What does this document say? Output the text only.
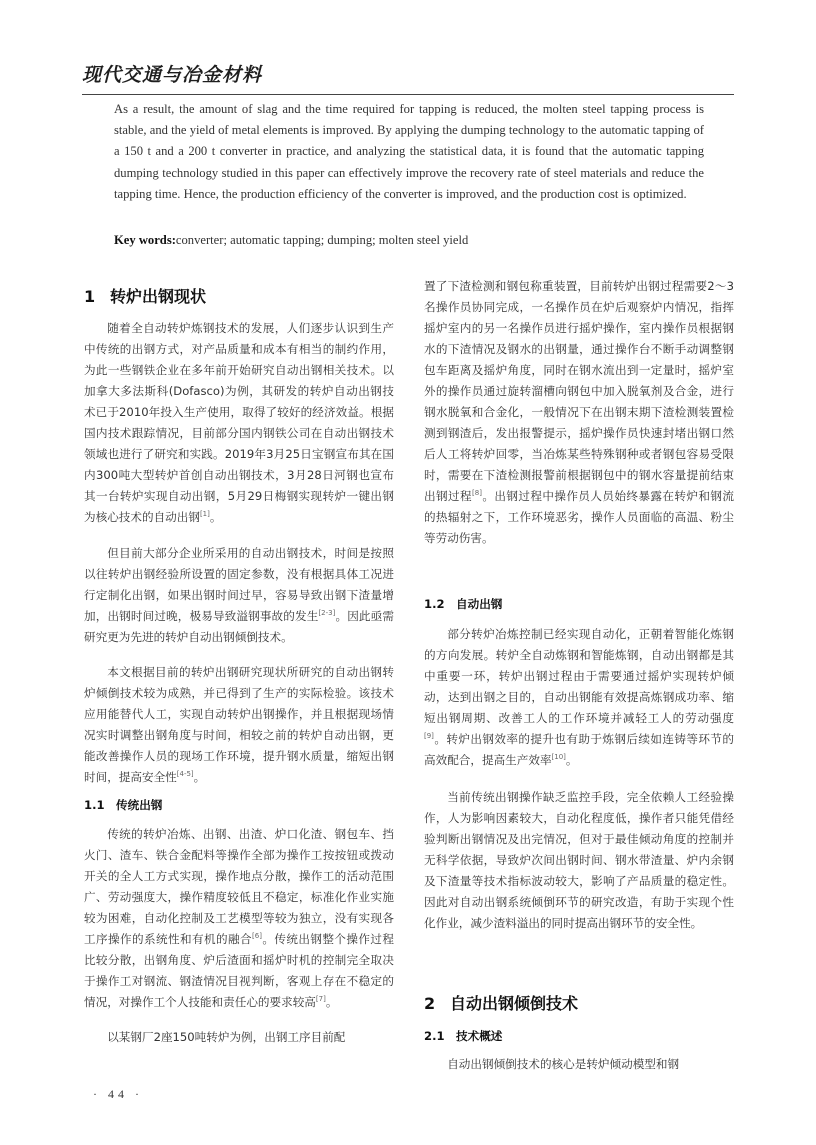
现代交通与冶金材料
As a result, the amount of slag and the time required for tapping is reduced, the molten steel tapping process is stable, and the yield of metal elements is improved. By applying the dumping technology to the automatic tapping of a 150 t and a 200 t converter in practice, and analyzing the statistical data, it is found that the automatic tapping dumping technology studied in this paper can effectively improve the recovery rate of steel materials and reduce the tapping time. Hence, the production efficiency of the converter is improved, and the production cost is optimized.
Key words:converter; automatic tapping; dumping; molten steel yield
1 转炉出钢现状
随着全自动转炉炼钢技术的发展，人们逐步认识到生产中传统的出钢方式，对产品质量和成本有相当的制约作用，为此一些钢铁企业在多年前开始研究自动出钢相关技术。以加拿大多法斯科(Dofasco)为例，其研发的转炉自动出钢技术已于2010年投入生产使用，取得了较好的经济效益。根据国内技术跟踪情况，目前部分国内钢铁公司在自动出钢技术领域也进行了研究和实践。2019年3月25日宝钢宣布其在国内300吨大型转炉首创自动出钢技术，3月28日河钢也宣布其一台转炉实现自动出钢，5月29日梅钢实现转炉一键出钢为核心技术的自动出钢[1]。
但目前大部分企业所采用的自动出钢技术，时间是按照以往转炉出钢经验所设置的固定参数，没有根据具体工况进行定制化出钢，如果出钢时间过早，容易导致出钢下渣量增加，出钢时间过晚，极易导致溢钢事故的发生[2-3]。因此亟需研究更为先进的转炉自动出钢倾倒技术。
本文根据目前的转炉出钢研究现状所研究的自动出钢转炉倾倒技术较为成熟，并已得到了生产的实际检验。该技术应用能替代人工，实现自动转炉出钢操作，并且根据现场情况实时调整出钢角度与时间，相较之前的转炉自动出钢，更能改善操作人员的现场工作环境，提升钢水质量，缩短出钢时间，提高安全性[4-5]。
1.1 传统出钢
传统的转炉冶炼、出钢、出渣、炉口化渣、钢包车、挡火门、渣车、铁合金配料等操作全部为操作工按按钮或拨动开关的全人工方式实现，操作地点分散，操作工的活动范围广、劳动强度大，操作精度较低且不稳定，标准化作业实施较为困难，自动化控制及工艺模型等较为独立，没有实现各工序操作的系统性和有机的融合[6]。传统出钢整个操作过程比较分散，出钢角度、炉后渣面和摇炉时机的控制完全取决于操作工对钢流、钢渣情况目视判断，客观上存在不稳定的情况，对操作工个人技能和责任心的要求较高[7]。
以某钢厂2座150吨转炉为例，出钢工序目前配
置了下渣检测和钢包称重装置，目前转炉出钢过程需要2～3名操作员协同完成，一名操作员在炉后观察炉内情况，指挥摇炉室内的另一名操作员进行摇炉操作，室内操作员根据钢水的下渣情况及钢水的出钢量，通过操作台不断手动调整钢包车距离及摇炉角度，同时在钢水流出到一定量时，摇炉室外的操作员通过旋转溜槽向钢包中加入脱氧剂及合金，进行钢水脱氧和合金化，一般情况下在出钢末期下渣检测装置检测到钢渣后，发出报警提示，摇炉操作员快速封堵出钢口然后人工将转炉回零，当冶炼某些特殊钢种或者钢包容易受限时，需要在下渣检测报警前根据钢包中的钢水容量提前结束出钢过程[8]。出钢过程中操作员人员始终暴露在转炉和钢流的热辐射之下，工作环境恶劣，操作人员面临的高温、粉尘等劳动伤害。
1.2 自动出钢
部分转炉冶炼控制已经实现自动化，正朝着智能化炼钢的方向发展。转炉全自动炼钢和智能炼钢，自动出钢都是其中重要一环，转炉出钢过程由于需要通过摇炉实现转炉倾动，达到出钢之目的，自动出钢能有效提高炼钢成功率、缩短出钢周期、改善工人的工作环境并减轻工人的劳动强度[9]。转炉出钢效率的提升也有助于炼钢后续如连铸等环节的高效配合，提高生产效率[10]。
当前传统出钢操作缺乏监控手段，完全依赖人工经验操作，人为影响因素较大，自动化程度低，操作者只能凭借经验判断出钢情况及出完情况，但对于最佳倾动角度的控制并无科学依据，导致炉次间出钢时间、钢水带渣量、炉内余钢及下渣量等技术指标波动较大，影响了产品质量的稳定性。因此对自动出钢系统倾倒环节的研究改造，有助于实现个性化作业，减少渣料溢出的同时提高出钢环节的安全性。
2 自动出钢倾倒技术
2.1 技术概述
自动出钢倾倒技术的核心是转炉倾动模型和钢
· 44 ·
